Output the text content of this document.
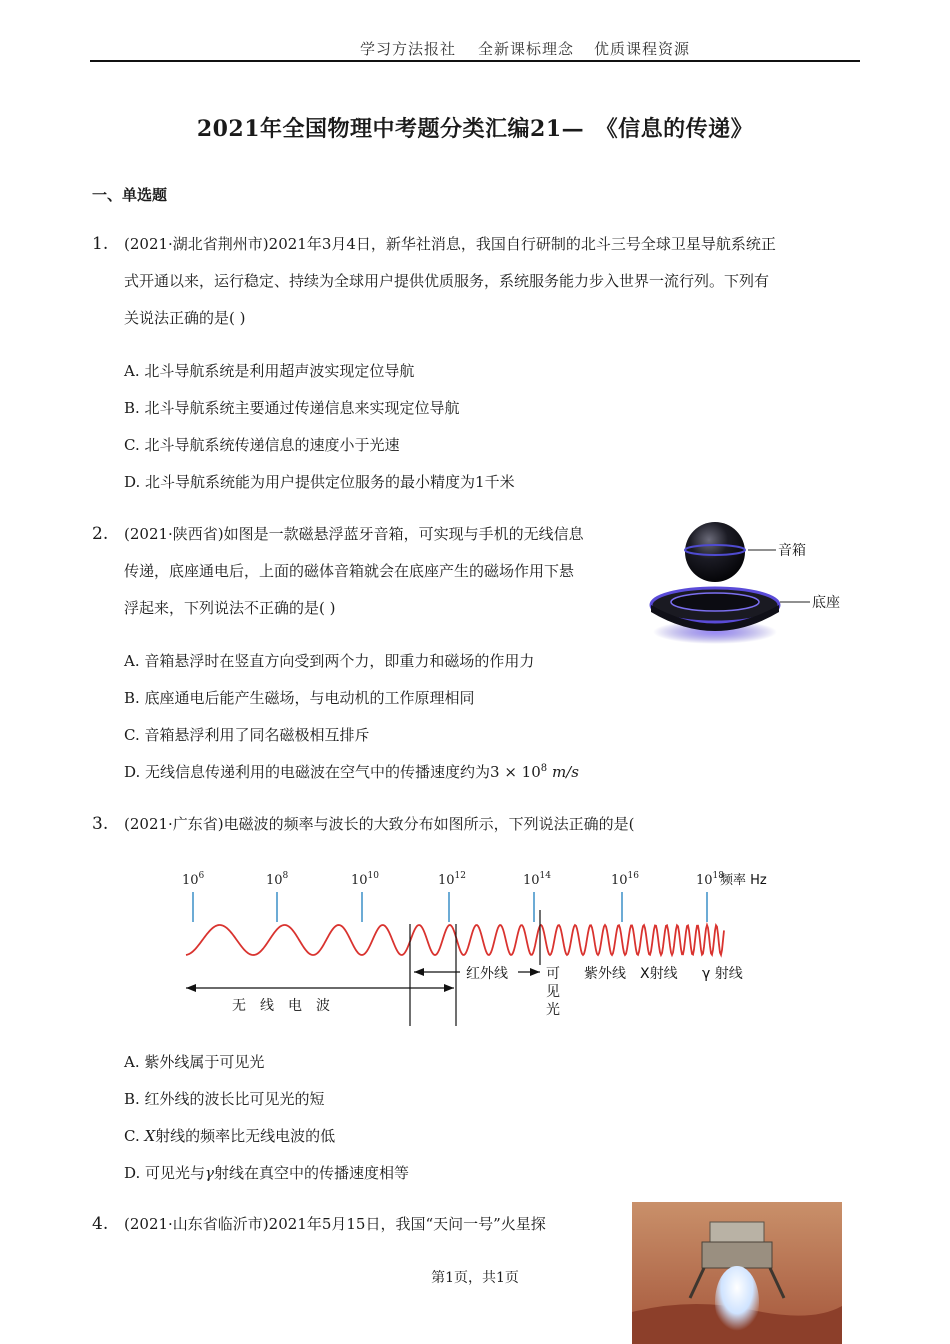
学习方法报社 全新课标理念 优质课程资源
2021年全国物理中考题分类汇编21—　《信息的传递》
一、单选题
1. (2021·湖北省荆州市)2021年3月4日，新华社消息，我国自行研制的北斗三号全球卫星导航系统正
式开通以来，运行稳定、持续为全球用户提供优质服务，系统服务能力步入世界一流行列。下列有
关说法正确的是( )
A. 北斗导航系统是利用超声波实现定位导航
B. 北斗导航系统主要通过传递信息来实现定位导航
C. 北斗导航系统传递信息的速度小于光速
D. 北斗导航系统能为用户提供定位服务的最小精度为1千米
2. (2021·陕西省)如图是一款磁悬浮蓝牙音箱，可实现与手机的无线信息
传递，底座通电后，上面的磁体音箱就会在底座产生的磁场作用下悬
浮起来，下列说法不正确的是( )
音箱
底座
A. 音箱悬浮时在竖直方向受到两个力，即重力和磁场的作用力
B. 底座通电后能产生磁场，与电动机的工作原理相同
C. 音箱悬浮利用了同名磁极相互排斥
D. 无线信息传递利用的电磁波在空气中的传播速度约为$3 \times 10^8$ m/s
3. (2021·广东省)电磁波的频率与波长的大致分布如图所示，下列说法正确的是(
$10^6$	$10^8$	$10^{10}$	$10^{12}$	$10^{14}$	$10^{16}$	$10^{18}$
无　线　电　波
红外线	可
见
光
紫外线 X射线 γ 射线
频率 Hz
A. 紫外线属于可见光
B. 红外线的波长比可见光的短
C. X射线的频率比无线电波的低
D. 可见光与γ射线在真空中的传播速度相等
4. (2021·山东省临沂市)2021年5月15日，我国“天问一号”火星探
第1页，共1页
